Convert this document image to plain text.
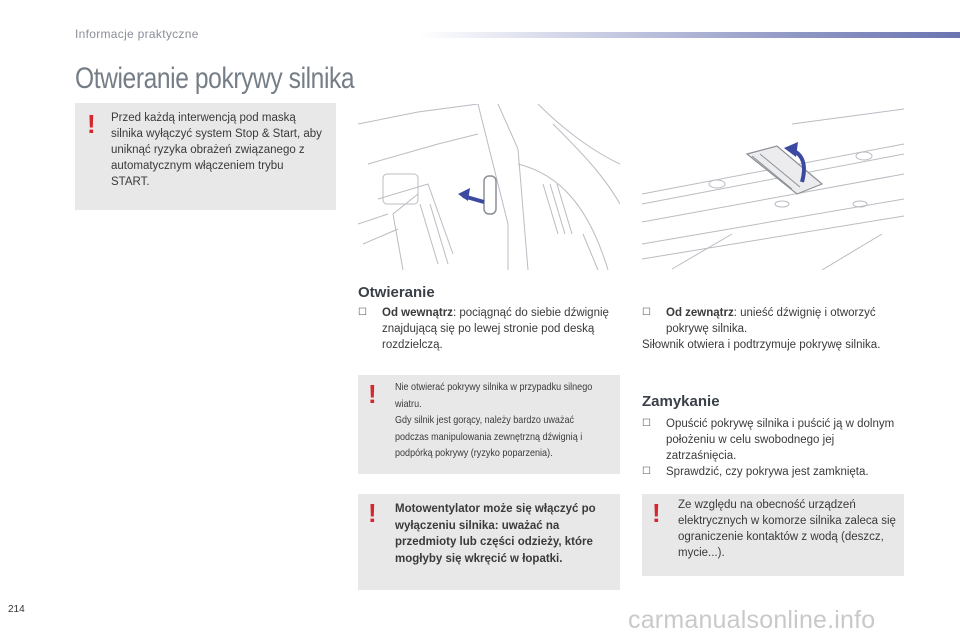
Informacje praktyczne
Otwieranie pokrywy silnika
! Przed każdą interwencją pod maską silnika wyłączyć system Stop & Start, aby uniknąć ryzyka obrażeń związanego z automatycznym włączeniem trybu START.
Otwieranie
☐ Od wewnątrz: pociągnąć do siebie dźwignię znajdującą się po lewej stronie pod deską rozdzielczą.
☐ Od zewnątrz: unieść dźwignię i otworzyć pokrywę silnika.
Siłownik otwiera i podtrzymuje pokrywę silnika.
! Nie otwierać pokrywy silnika w przypadku silnego wiatru.
Gdy silnik jest gorący, należy bardzo uważać podczas manipulowania zewnętrzną dźwignią i podpórką pokrywy (ryzyko poparzenia).
! Motowentylator może się włączyć po wyłączeniu silnika: uważać na przedmioty lub części odzieży, które mogłyby się wkręcić w łopatki.
Zamykanie
☐ Opuścić pokrywę silnika i puścić ją w dolnym położeniu w celu swobodnego jej zatrzaśnięcia.
☐ Sprawdzić, czy pokrywa jest zamknięta.
! Ze względu na obecność urządzeń elektrycznych w komorze silnika zaleca się ograniczenie kontaktów z wodą (deszcz, mycie...).
214	carmanualsonline.info
